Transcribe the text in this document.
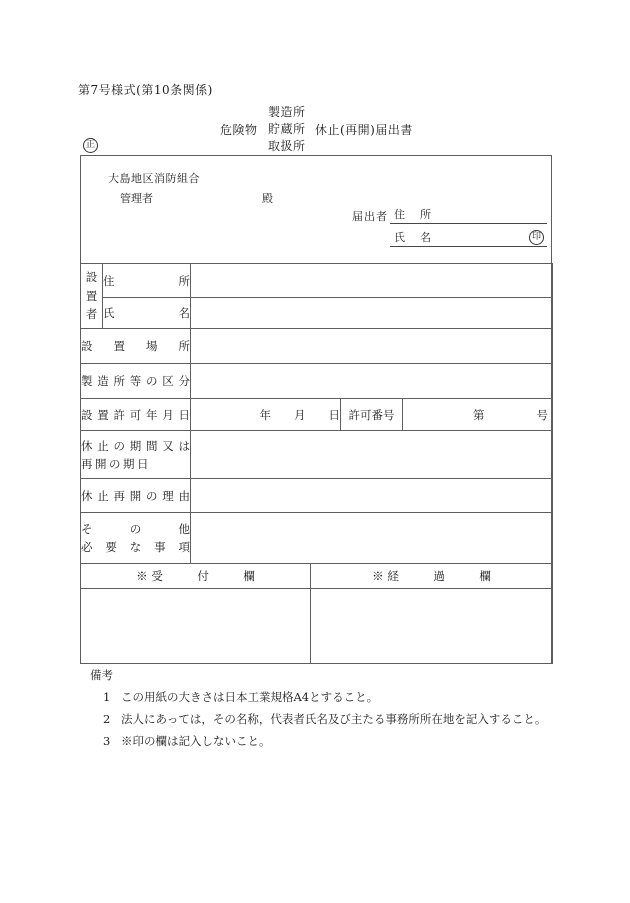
第7号様式(第10条関係)
危険物
製造所
貯蔵所
取扱所
休止(再開)届出書
正
大島地区消防組合
管理者	殿
届出者 住　所
氏　名	印
設置者	住　所				
	氏　名				
設　置　場　所					
製造所等の区分					
設置許可年月日		年　　月　　日		許可番号	第 号

休止の期間又は
再開の期日					

休止再開の理由					

そ　の　他
必要な事項					

※ 受　　　付　　　欄			※ 経　　　過　　　欄		

備考
1 この用紙の大きさは日本工業規格A4とすること。
2 法人にあっては，その名称，代表者氏名及び主たる事務所所在地を記入すること。
3 ※印の欄は記入しないこと。
